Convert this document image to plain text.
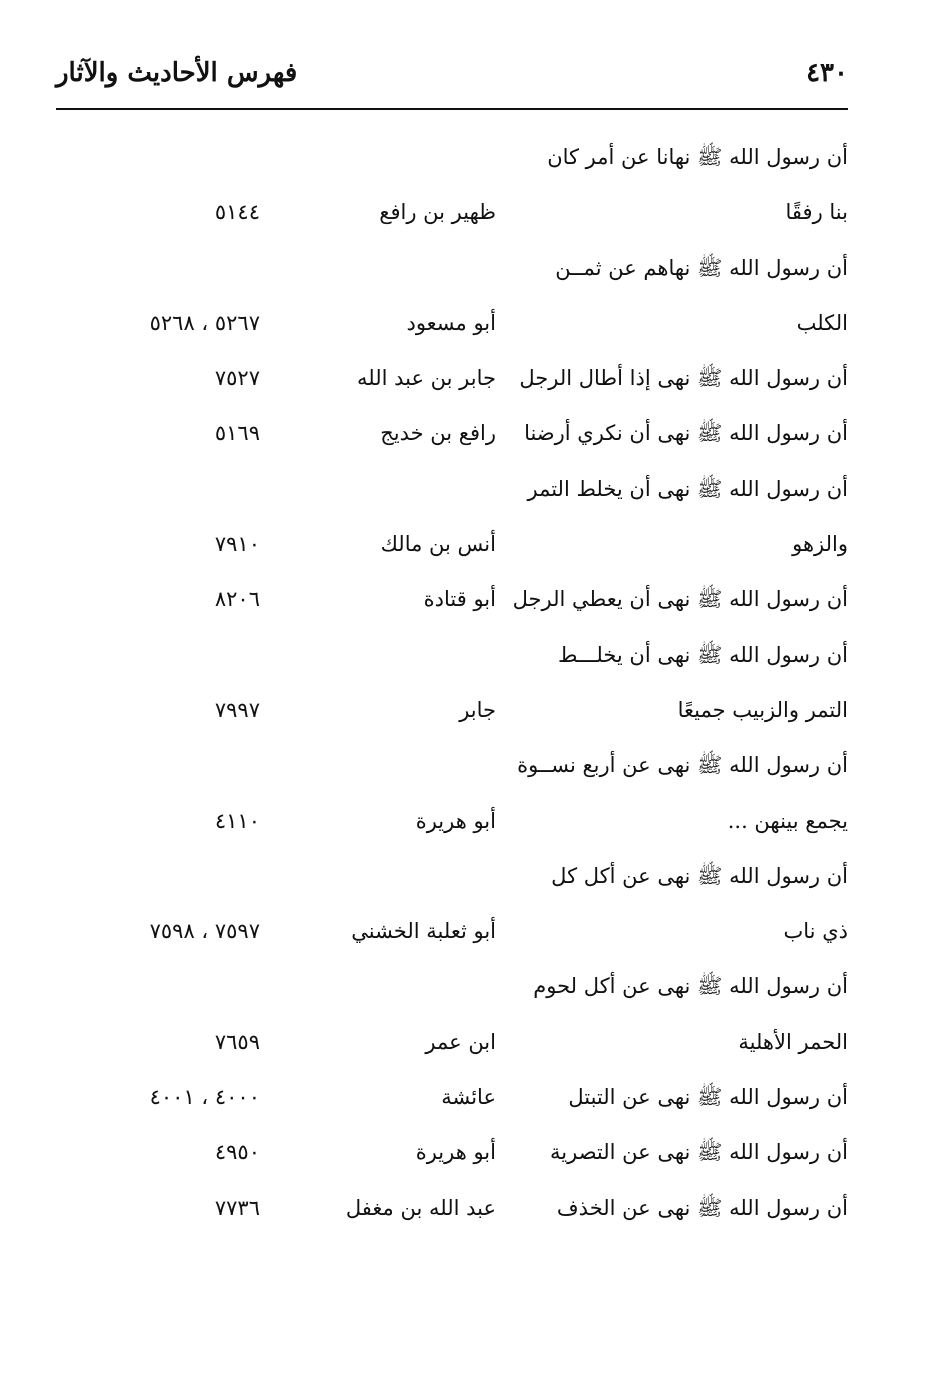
٤٣٠
فهرس الأحاديث والآثار
أن رسول الله ﷺ نهانا عن أمر كان
بنا رفقًا
ظهير بن رافع
٥١٤٤
أن رسول الله ﷺ نهاهم عن ثمــن
الكلب
أبو مسعود
٥٢٦٧ ، ٥٢٦٨
أن رسول الله ﷺ نهى إذا أطال الرجل
جابر بن عبد الله
٧٥٢٧
أن رسول الله ﷺ نهى أن نكري أرضنا
رافع بن خديج
٥١٦٩
أن رسول الله ﷺ نهى أن يخلط التمر
والزهو
أنس بن مالك
٧٩١٠
أن رسول الله ﷺ نهى أن يعطي الرجل
أبو قتادة
٨٢٠٦
أن رسول الله ﷺ نهى أن يخلـــط
التمر والزبيب جميعًا
جابر
٧٩٩٧
أن رسول الله ﷺ نهى عن أربع نســوة
يجمع بينهن ...
أبو هريرة
٤١١٠
أن رسول الله ﷺ نهى عن أكل كل
ذي ناب
أبو ثعلبة الخشني
٧٥٩٧ ، ٧٥٩٨
أن رسول الله ﷺ نهى عن أكل لحوم
الحمر الأهلية
ابن عمر
٧٦٥٩
أن رسول الله ﷺ نهى عن التبتل
عائشة
٤٠٠٠ ، ٤٠٠١
أن رسول الله ﷺ نهى عن التصرية
أبو هريرة
٤٩٥٠
أن رسول الله ﷺ نهى عن الخذف
عبد الله بن مغفل
٧٧٣٦
